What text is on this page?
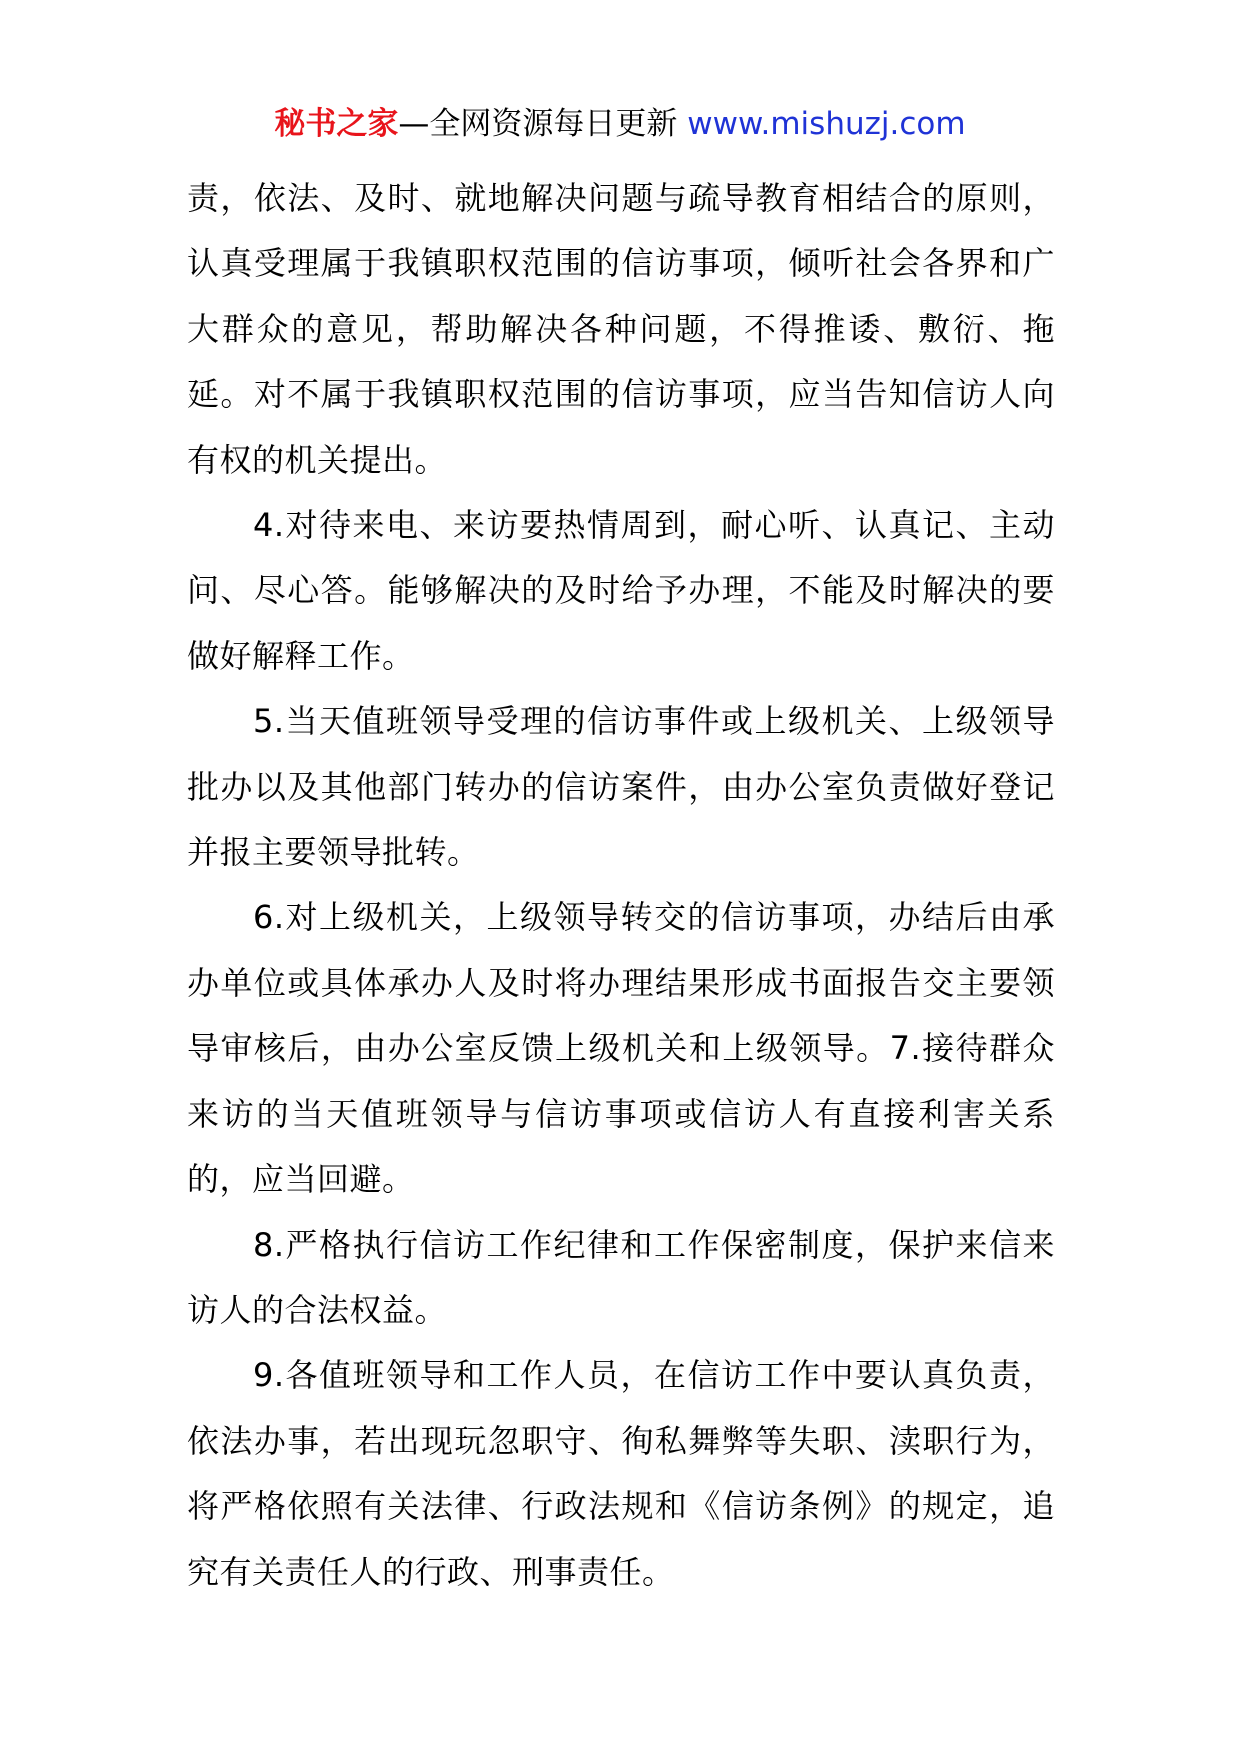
秘书之家—全网资源每日更新 www.mishuzj.com

责，依法、及时、就地解决问题与疏导教育相结合的原则，认真受理属于我镇职权范围的信访事项，倾听社会各界和广大群众的意见，帮助解决各种问题，不得推诿、敷衍、拖延。对不属于我镇职权范围的信访事项，应当告知信访人向有权的机关提出。

4.对待来电、来访要热情周到，耐心听、认真记、主动问、尽心答。能够解决的及时给予办理，不能及时解决的要做好解释工作。

5.当天值班领导受理的信访事件或上级机关、上级领导批办以及其他部门转办的信访案件，由办公室负责做好登记并报主要领导批转。

6.对上级机关，上级领导转交的信访事项，办结后由承办单位或具体承办人及时将办理结果形成书面报告交主要领导审核后，由办公室反馈上级机关和上级领导。7.接待群众来访的当天值班领导与信访事项或信访人有直接利害关系的，应当回避。

8.严格执行信访工作纪律和工作保密制度，保护来信来访人的合法权益。

9.各值班领导和工作人员，在信访工作中要认真负责，依法办事，若出现玩忽职守、徇私舞弊等失职、渎职行为，将严格依照有关法律、行政法规和《信访条例》的规定，追究有关责任人的行政、刑事责任。
